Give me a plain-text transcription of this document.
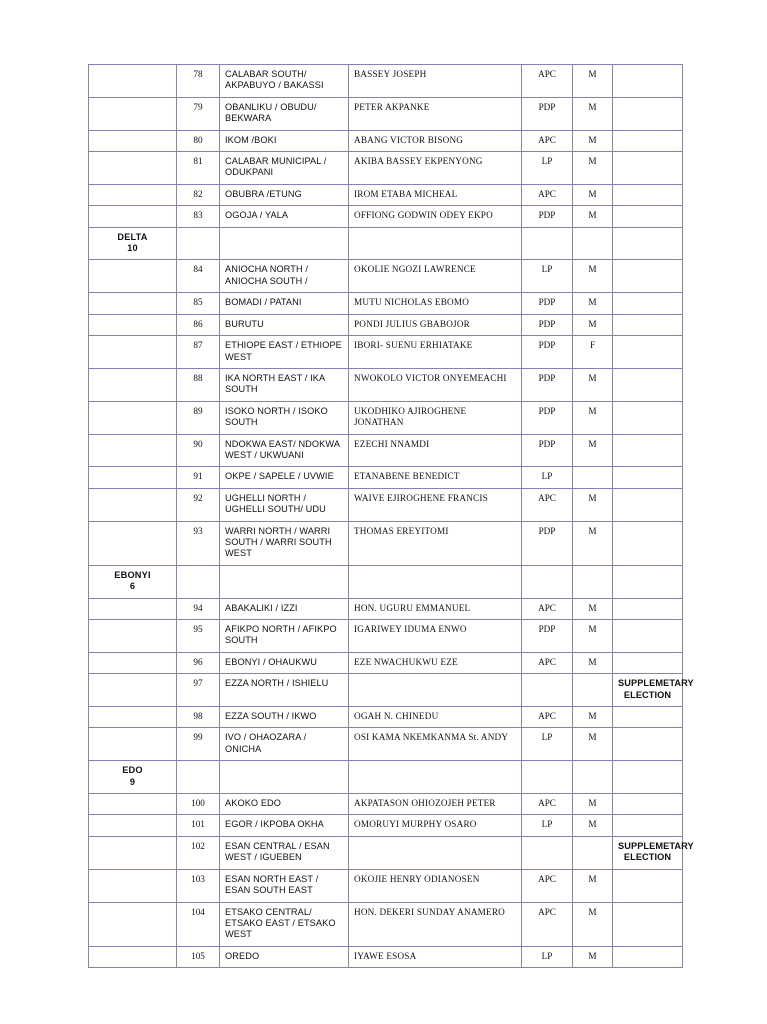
	78	CALABAR SOUTH/ AKPABUYO / BAKASSI	BASSEY JOSEPH	APC	M	
	79	OBANLIKU / OBUDU/ BEKWARA	PETER AKPANKE	PDP	M	
	80	IKOM /BOKI	ABANG VICTOR BISONG	APC	M	
	81	CALABAR MUNICIPAL / ODUKPANI	AKIBA BASSEY EKPENYONG	LP	M	
	82	OBUBRA /ETUNG	IROM ETABA MICHEAL	APC	M	
	83	OGOJA / YALA	OFFIONG GODWIN ODEY EKPO	PDP	M	

DELTA
10						

	84	ANIOCHA NORTH / ANIOCHA SOUTH /	OKOLIE NGOZI LAWRENCE	LP	M	
	85	BOMADI / PATANI	MUTU NICHOLAS EBOMO	PDP	M	
	86	BURUTU	PONDI JULIUS GBABOJOR	PDP	M	
	87	ETHIOPE EAST / ETHIOPE WEST	IBORI- SUENU ERHIATAKE	PDP	F	
	88	IKA NORTH EAST / IKA SOUTH	NWOKOLO VICTOR ONYEMEACHI	PDP	M	
	89	ISOKO NORTH / ISOKO SOUTH	UKODHIKO AJIROGHENE JONATHAN	PDP	M	
	90	NDOKWA EAST/ NDOKWA WEST / UKWUANI	EZECHI NNAMDI	PDP	M	
	91	OKPE / SAPELE / UVWIE	ETANABENE BENEDICT	LP		
	92	UGHELLI NORTH / UGHELLI SOUTH/ UDU	WAIVE EJIROGHENE FRANCIS	APC	M	
	93	WARRI NORTH / WARRI SOUTH / WARRI SOUTH WEST	THOMAS EREYITOMI	PDP	M	

EBONYI
6						

	94	ABAKALIKI / IZZI	HON. UGURU EMMANUEL	APC	M	
	95	AFIKPO NORTH / AFIKPO SOUTH	IGARIWEY IDUMA ENWO	PDP	M	
	96	EBONYI / OHAUKWU	EZE NWACHUKWU EZE	APC	M	
	97	EZZA NORTH / ISHIELU				SUPPLEMETARY ELECTION
	98	EZZA SOUTH / IKWO	OGAH N. CHINEDU	APC	M	
	99	IVO / OHAOZARA / ONICHA	OSI KAMA NKEMKANMA St. ANDY	LP	M	

EDO
9						

	100	AKOKO EDO	AKPATASON OHIOZOJEH PETER	APC	M	
	101	EGOR / IKPOBA OKHA	OMORUYI MURPHY OSARO	LP	M	
	102	ESAN CENTRAL / ESAN WEST / IGUEBEN				SUPPLEMETARY ELECTION
	103	ESAN NORTH EAST / ESAN SOUTH EAST	OKOJIE HENRY ODIANOSEN	APC	M	
	104	ETSAKO CENTRAL/ ETSAKO EAST / ETSAKO WEST	HON. DEKERI SUNDAY ANAMERO	APC	M	
	105	OREDO	IYAWE ESOSA	LP	M	
